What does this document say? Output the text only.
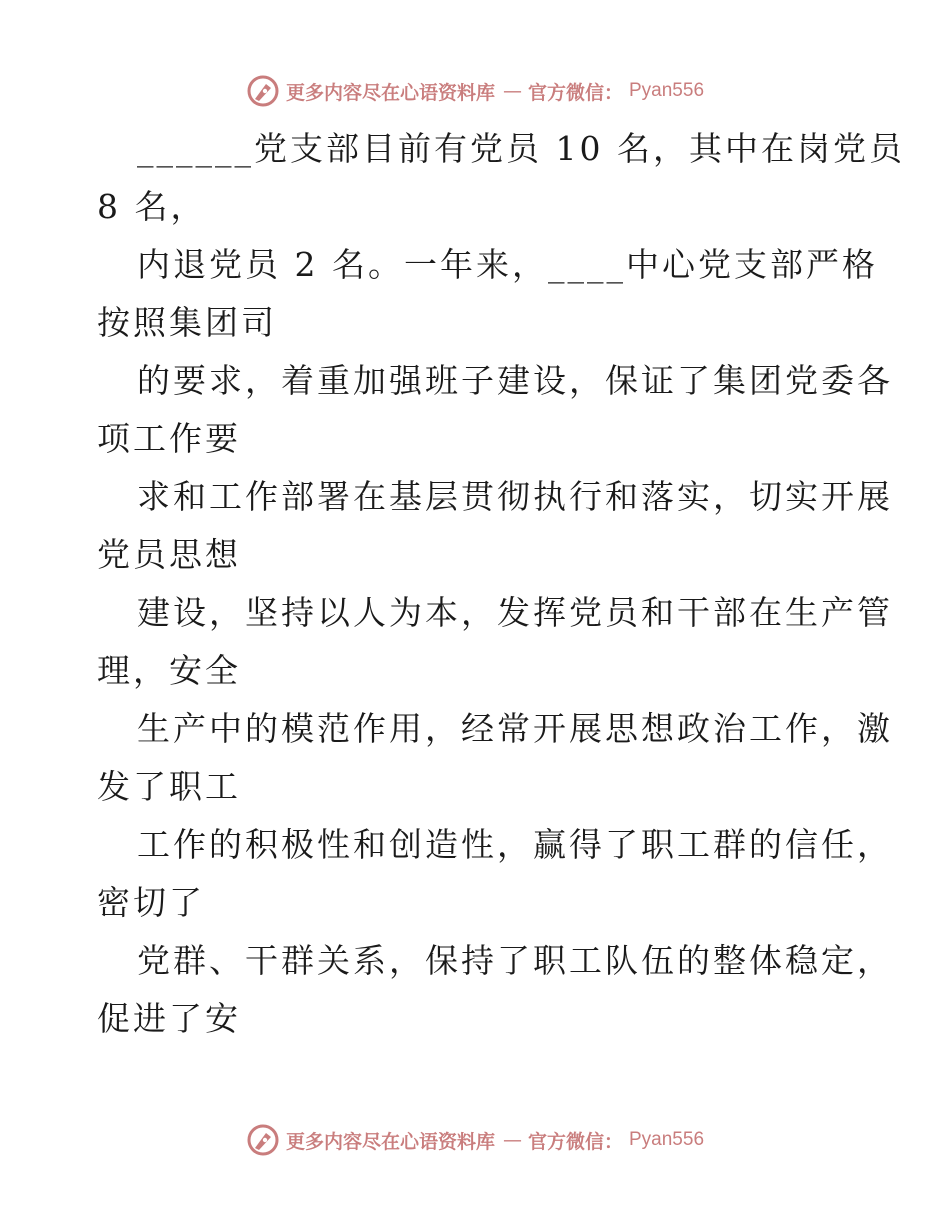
更多内容尽在心语资料库 — 官方微信： Pyan556
______党支部目前有党员 10 名，其中在岗党员
8 名，
内退党员 2 名。一年来，____中心党支部严格
按照集团司
的要求，着重加强班子建设，保证了集团党委各
项工作要
求和工作部署在基层贯彻执行和落实，切实开展
党员思想
建设，坚持以人为本，发挥党员和干部在生产管
理，安全
生产中的模范作用，经常开展思想政治工作，激
发了职工
工作的积极性和创造性，赢得了职工群的信任，
密切了
党群、干群关系，保持了职工队伍的整体稳定，
促进了安
更多内容尽在心语资料库 — 官方微信： Pyan556
